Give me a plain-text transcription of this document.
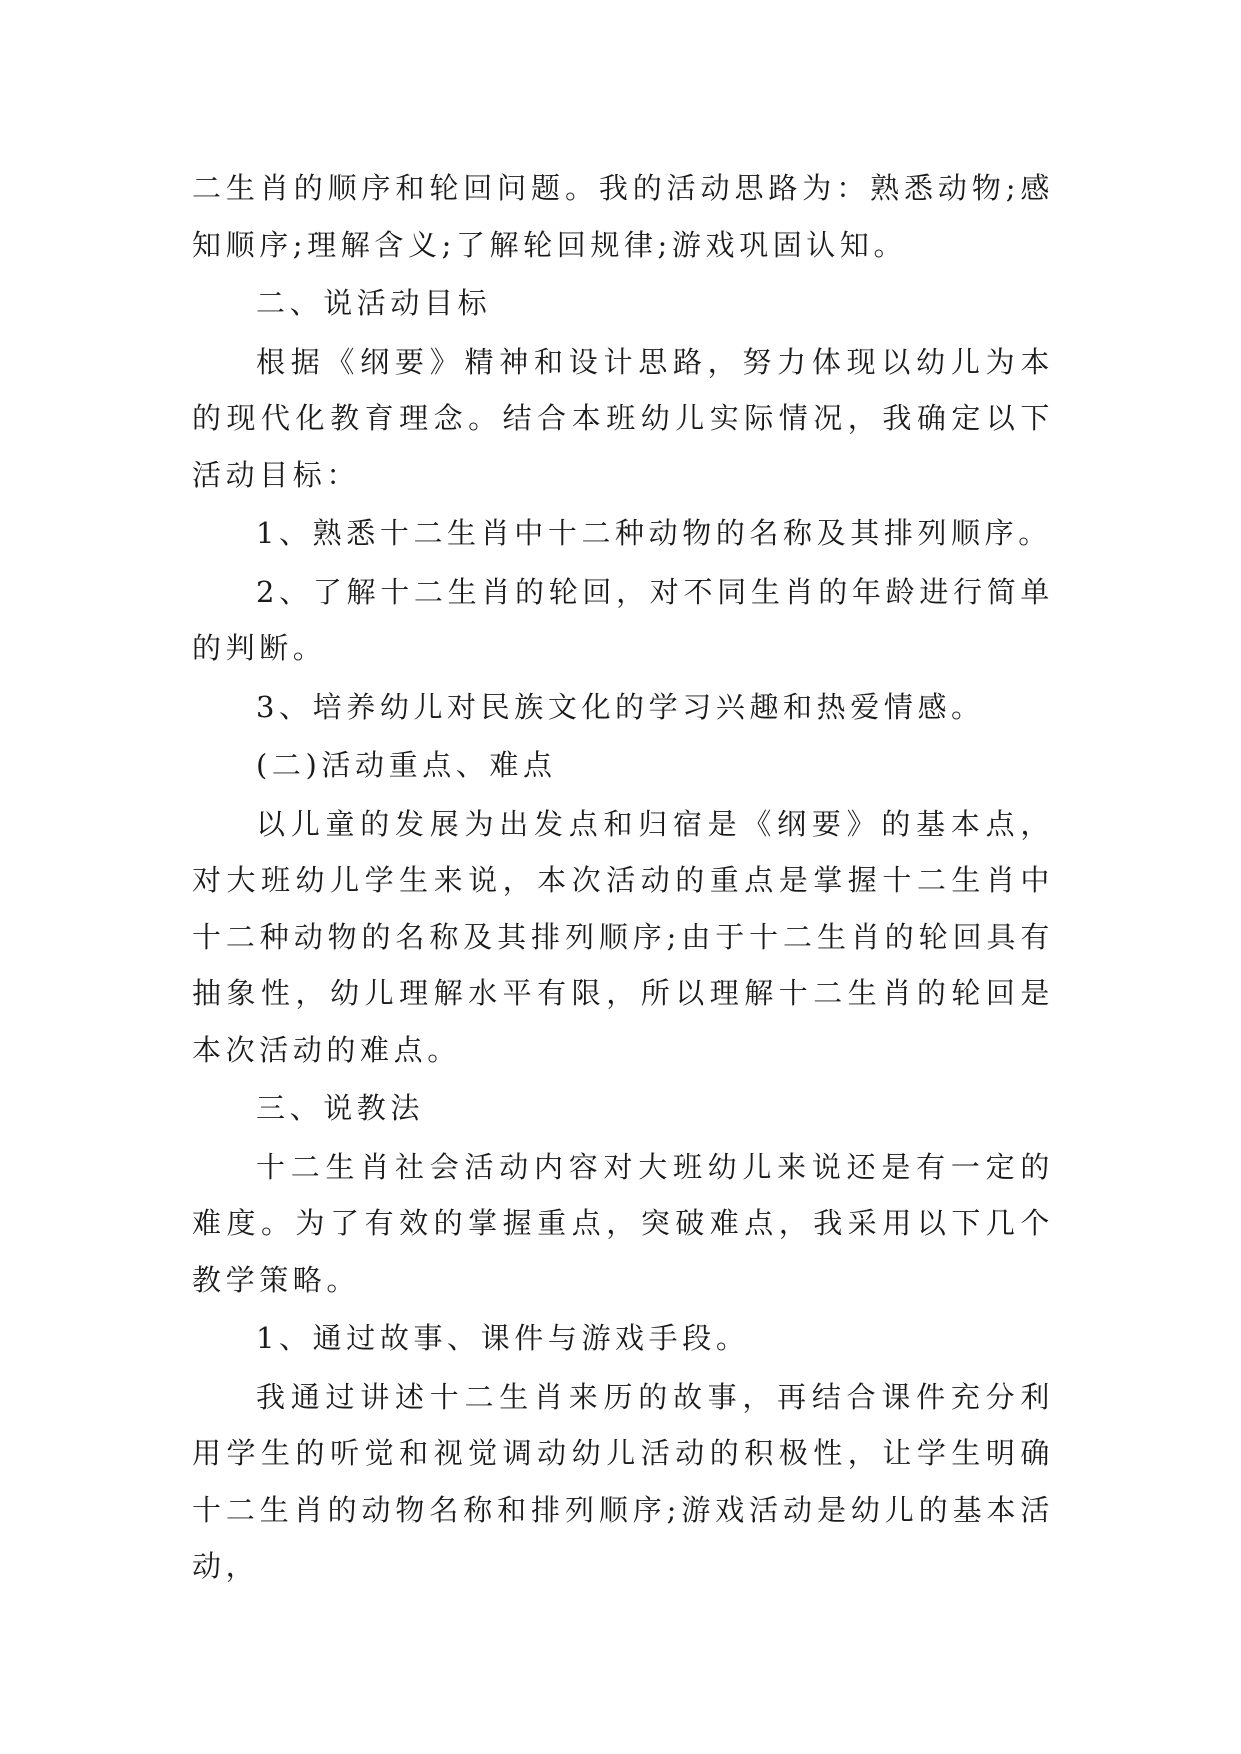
二生肖的顺序和轮回问题。我的活动思路为：熟悉动物;感知顺序;理解含义;了解轮回规律;游戏巩固认知。

二、说活动目标

根据《纲要》精神和设计思路，努力体现以幼儿为本的现代化教育理念。结合本班幼儿实际情况，我确定以下活动目标：

1、熟悉十二生肖中十二种动物的名称及其排列顺序。

2、了解十二生肖的轮回，对不同生肖的年龄进行简单的判断。

3、培养幼儿对民族文化的学习兴趣和热爱情感。

(二)活动重点、难点

以儿童的发展为出发点和归宿是《纲要》的基本点，对大班幼儿学生来说，本次活动的重点是掌握十二生肖中十二种动物的名称及其排列顺序;由于十二生肖的轮回具有抽象性，幼儿理解水平有限，所以理解十二生肖的轮回是本次活动的难点。

三、说教法

十二生肖社会活动内容对大班幼儿来说还是有一定的难度。为了有效的掌握重点，突破难点，我采用以下几个教学策略。

1、通过故事、课件与游戏手段。

我通过讲述十二生肖来历的故事，再结合课件充分利用学生的听觉和视觉调动幼儿活动的积极性，让学生明确十二生肖的动物名称和排列顺序;游戏活动是幼儿的基本活动，
